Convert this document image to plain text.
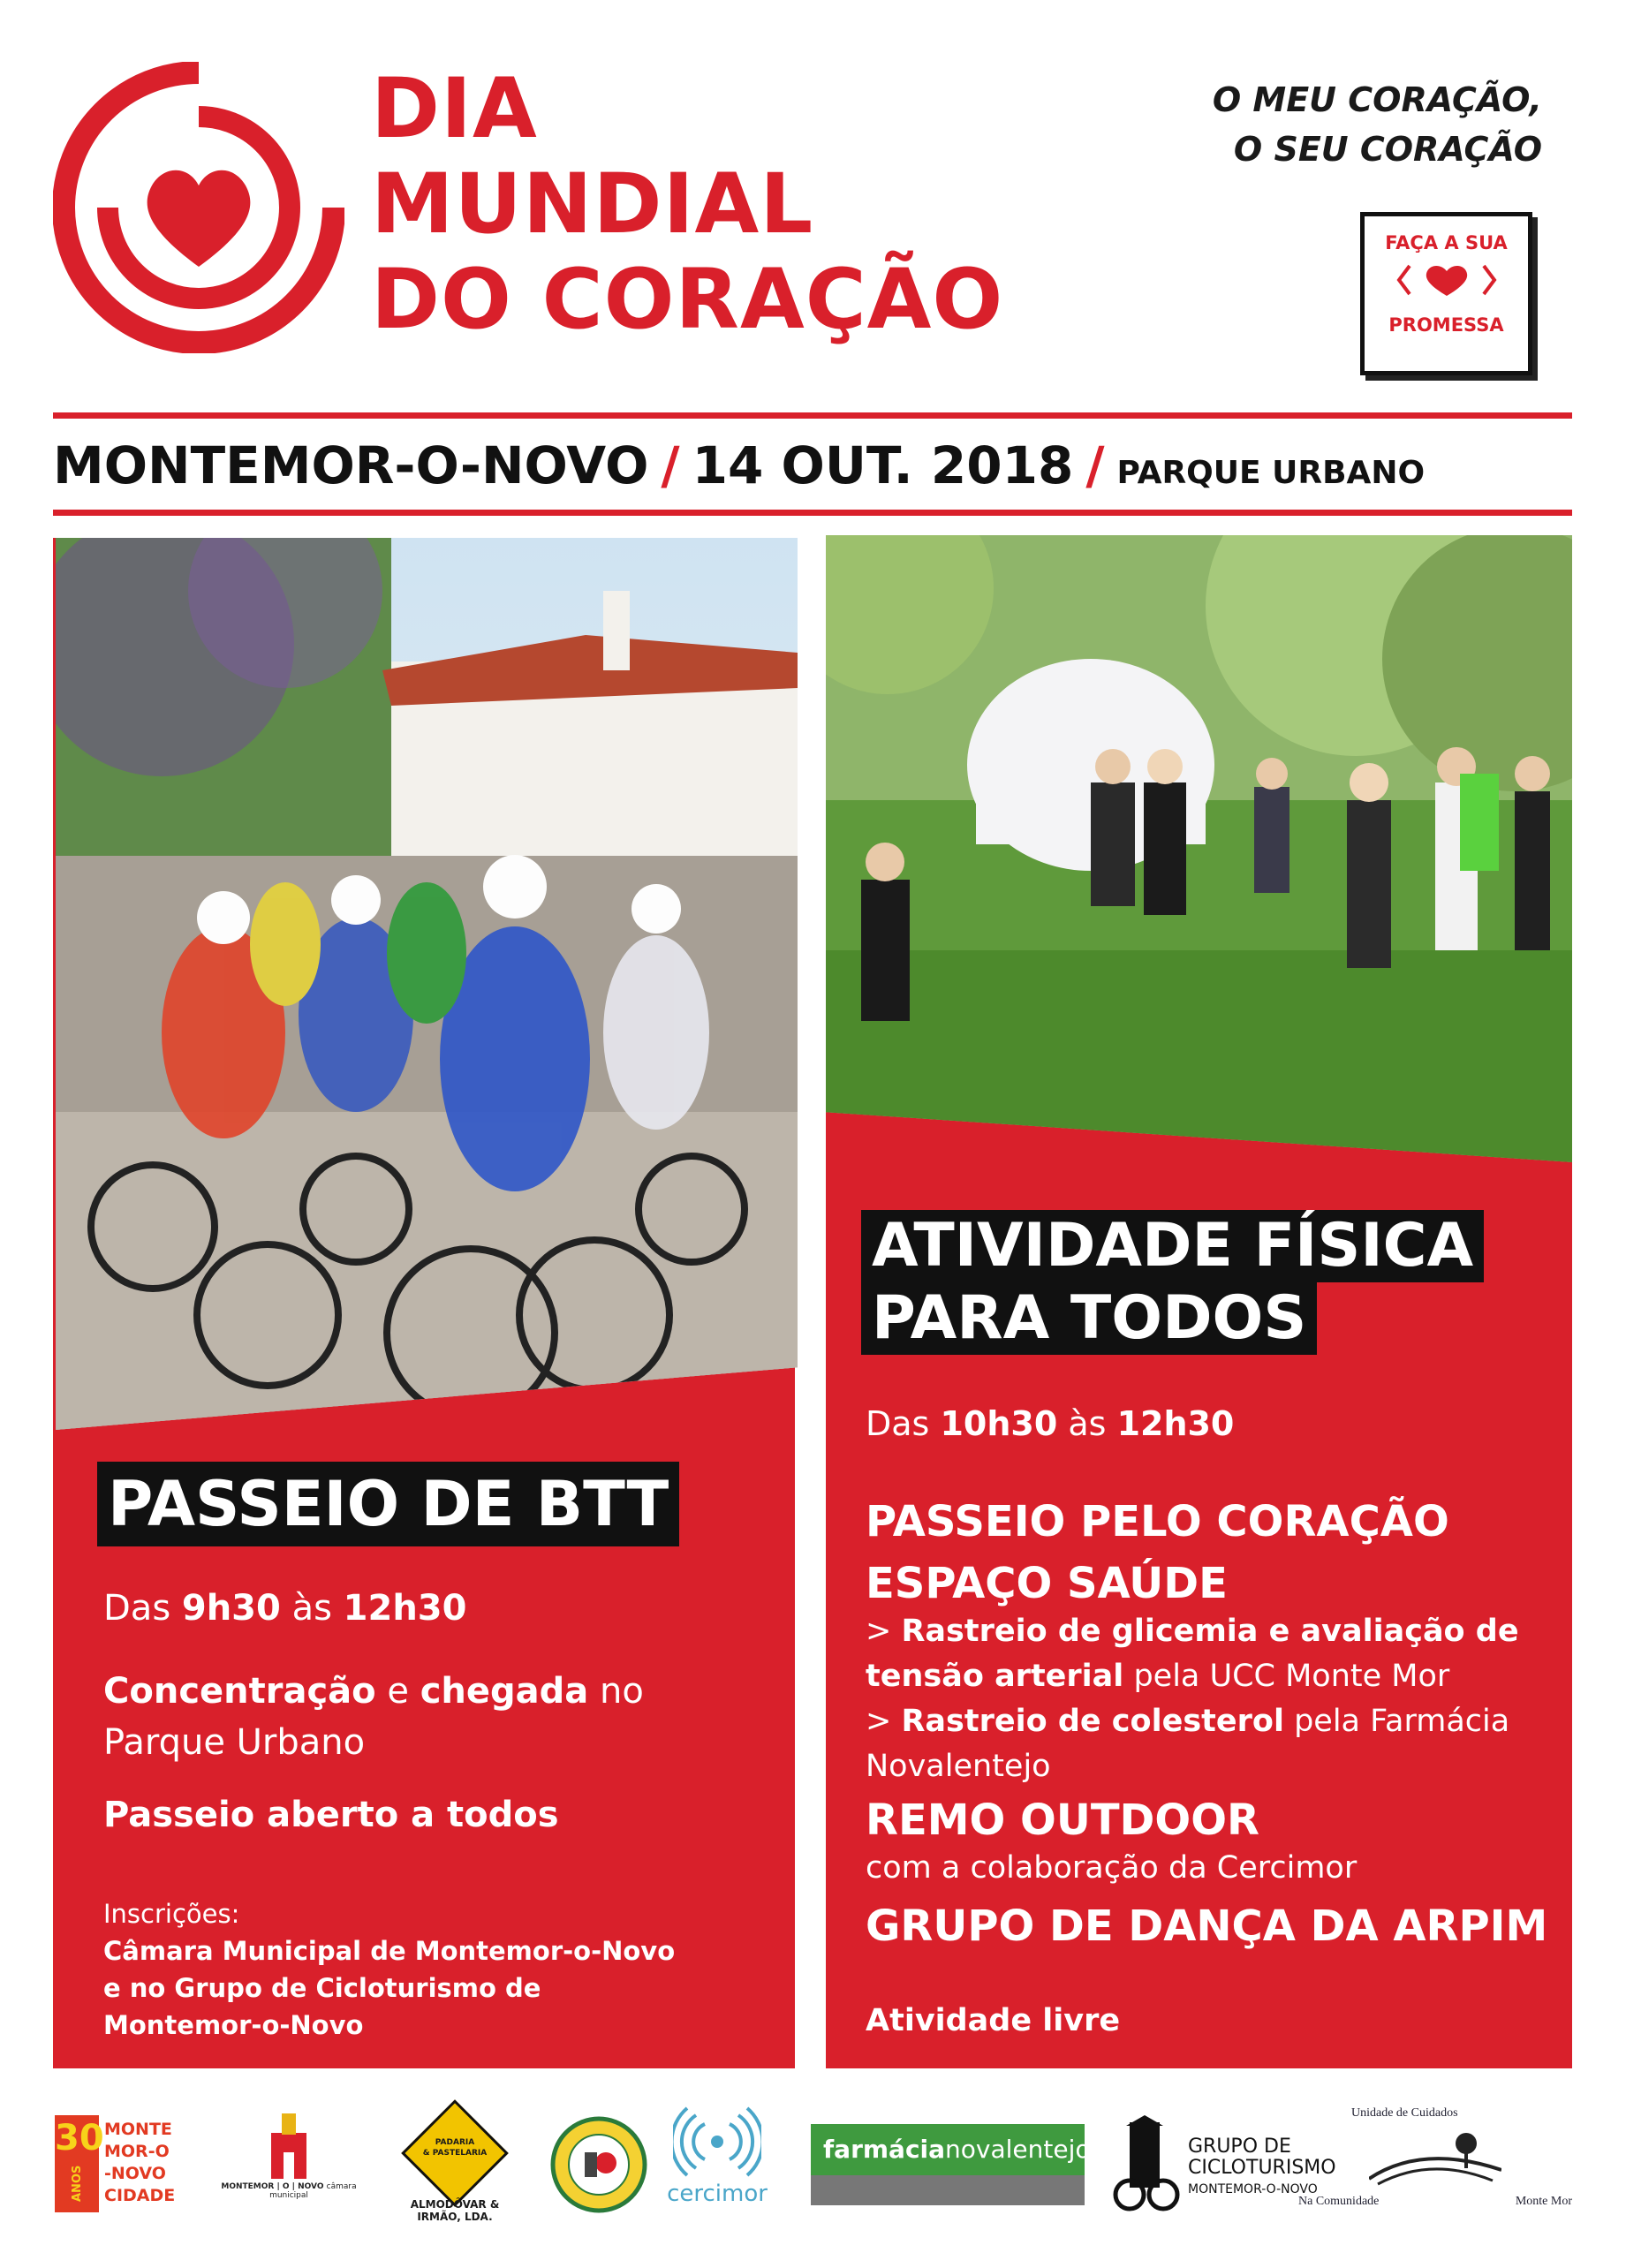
DIA
MUNDIAL
DO CORAÇÃO
O MEU CORAÇÃO,
O SEU CORAÇÃO
FAÇA A SUA
PROMESSA
MONTEMOR-O-NOVO / 14 OUT. 2018 / PARQUE URBANO
PASSEIO DE BTT
Das 9h30 às 12h30
Concentração e chegada no
Parque Urbano
Passeio aberto a todos
Inscrições:
Câmara Municipal de Montemor-o-Novo
e no Grupo de Cicloturismo de
Montemor-o-Novo
ATIVIDADE FÍSICA
PARA TODOS
Das 10h30 às 12h30
PASSEIO PELO CORAÇÃO
ESPAÇO SAÚDE
> Rastreio de glicemia e avaliação de
tensão arterial pela UCC Monte Mor
> Rastreio de colesterol pela Farmácia
Novalentejo
REMO OUTDOOR
com a colaboração da Cercimor
GRUPO DE DANÇA DA ARPIM
Atividade livre
30
ANOS
MONTE
MOR-O
-NOVO
CIDADE	MONTEMOR | O | NOVO câmara municipal
PADARIA
& PASTELARIA
ALMODÔVAR & IRMÃO, LDA.
cercimor
farmácianovalentejo	GRUPO DE
CICLOTURISMO
MONTEMOR-O-NOVO
Unidade de Cuidados
Na Comunidade	Monte Mor
